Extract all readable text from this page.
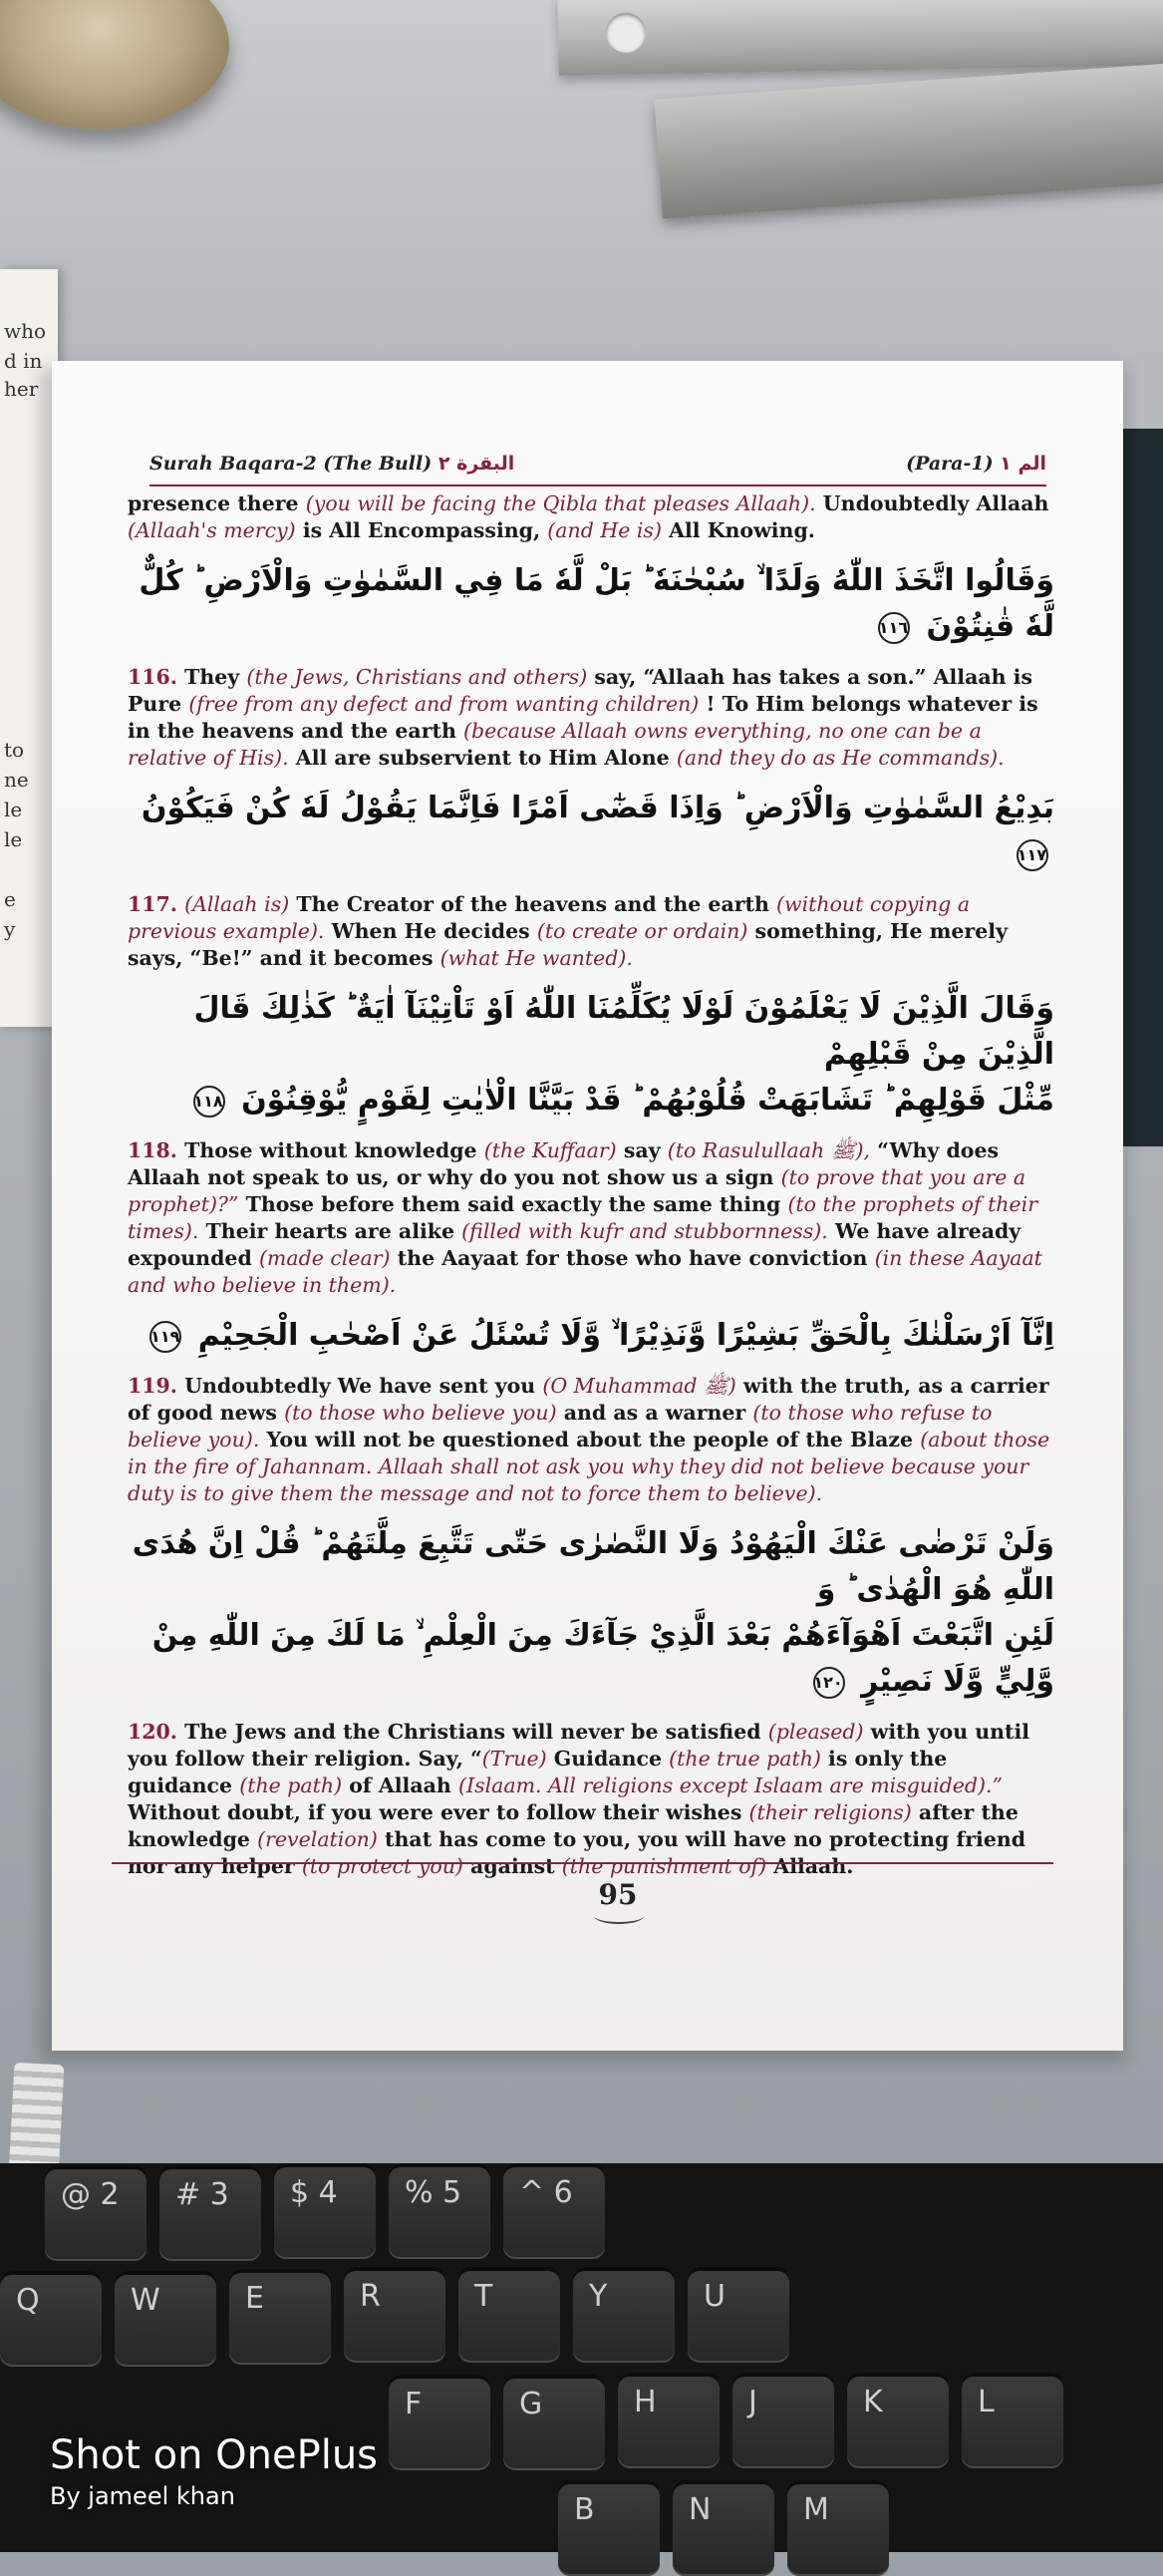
who
d in
her
to
ne
le
le
e
y
Surah Baqara-2 (The Bull) البقرة ٢	(Para-1) الم ١

presence there (you will be facing the Qibla that pleases Allaah). Undoubtedly Allaah (Allaah's mercy) is All Encompassing, (and He is) All Knowing.

وَقَالُوا اتَّخَذَ اللّٰهُ وَلَدًا ۙ سُبْحٰنَهٗ ؕ بَلْ لَّهٗ مَا فِي السَّمٰوٰتِ وَالْاَرْضِ ؕ كُلٌّ لَّهٗ قٰنِتُوْنَ ١١٦

116. They (the Jews, Christians and others) say, “Allaah has takes a son.” Allaah is Pure (free from any defect and from wanting children) ! To Him belongs whatever is in the heavens and the earth (because Allaah owns everything, no one can be a relative of His). All are subservient to Him Alone (and they do as He commands).

بَدِيْعُ السَّمٰوٰتِ وَالْاَرْضِ ؕ وَاِذَا قَضٰٓى اَمْرًا فَاِنَّمَا يَقُوْلُ لَهٗ كُنْ فَيَكُوْنُ ١١٧

117. (Allaah is) The Creator of the heavens and the earth (without copying a previous example). When He decides (to create or ordain) something, He merely says, “Be!” and it becomes (what He wanted).

وَقَالَ الَّذِيْنَ لَا يَعْلَمُوْنَ لَوْلَا يُكَلِّمُنَا اللّٰهُ اَوْ تَاْتِيْنَآ اٰيَةٌ ؕ كَذٰلِكَ قَالَ الَّذِيْنَ مِنْ قَبْلِهِمْ
مِّثْلَ قَوْلِهِمْ ؕ تَشَابَهَتْ قُلُوْبُهُمْ ؕ قَدْ بَيَّنَّا الْاٰيٰتِ لِقَوْمٍ يُّوْقِنُوْنَ ١١٨

118. Those without knowledge (the Kuffaar) say (to Rasulullaah ﷺ), “Why does Allaah not speak to us, or why do you not show us a sign (to prove that you are a prophet)?” Those before them said exactly the same thing (to the prophets of their times). Their hearts are alike (filled with kufr and stubbornness). We have already expounded (made clear) the Aayaat for those who have conviction (in these Aayaat and who believe in them).

اِنَّآ اَرْسَلْنٰكَ بِالْحَقِّ بَشِيْرًا وَّنَذِيْرًا ۙ وَّلَا تُسْئَلُ عَنْ اَصْحٰبِ الْجَحِيْمِ ١١٩

119. Undoubtedly We have sent you (O Muhammad ﷺ) with the truth, as a carrier of good news (to those who believe you) and as a warner (to those who refuse to believe you). You will not be questioned about the people of the Blaze (about those in the fire of Jahannam. Allaah shall not ask you why they did not believe because your duty is to give them the message and not to force them to believe).

وَلَنْ تَرْضٰى عَنْكَ الْيَهُوْدُ وَلَا النَّصٰرٰى حَتّٰى تَتَّبِعَ مِلَّتَهُمْ ؕ قُلْ اِنَّ هُدَى اللّٰهِ هُوَ الْهُدٰى ؕ وَ
لَئِنِ اتَّبَعْتَ اَهْوَآءَهُمْ بَعْدَ الَّذِيْ جَآءَكَ مِنَ الْعِلْمِ ۙ مَا لَكَ مِنَ اللّٰهِ مِنْ وَّلِيٍّ وَّلَا نَصِيْرٍ ١٢٠

120. The Jews and the Christians will never be satisfied (pleased) with you until you follow their religion. Say, “(True) Guidance (the true path) is only the guidance (the path) of Allaah (Islaam. All religions except Islaam are misguided).” Without doubt, if you were ever to follow their wishes (their religions) after the knowledge (revelation) that has come to you, you will have no protecting friend nor any helper (to protect you) against (the punishment of) Allaah.

95
@ 2 # 3 $ 4 % 5 ^ 6
Q	W	E	R	T	Y	U
F	G	H	J	K	L
B	N	M
Shot on OnePlus
By jameel khan
